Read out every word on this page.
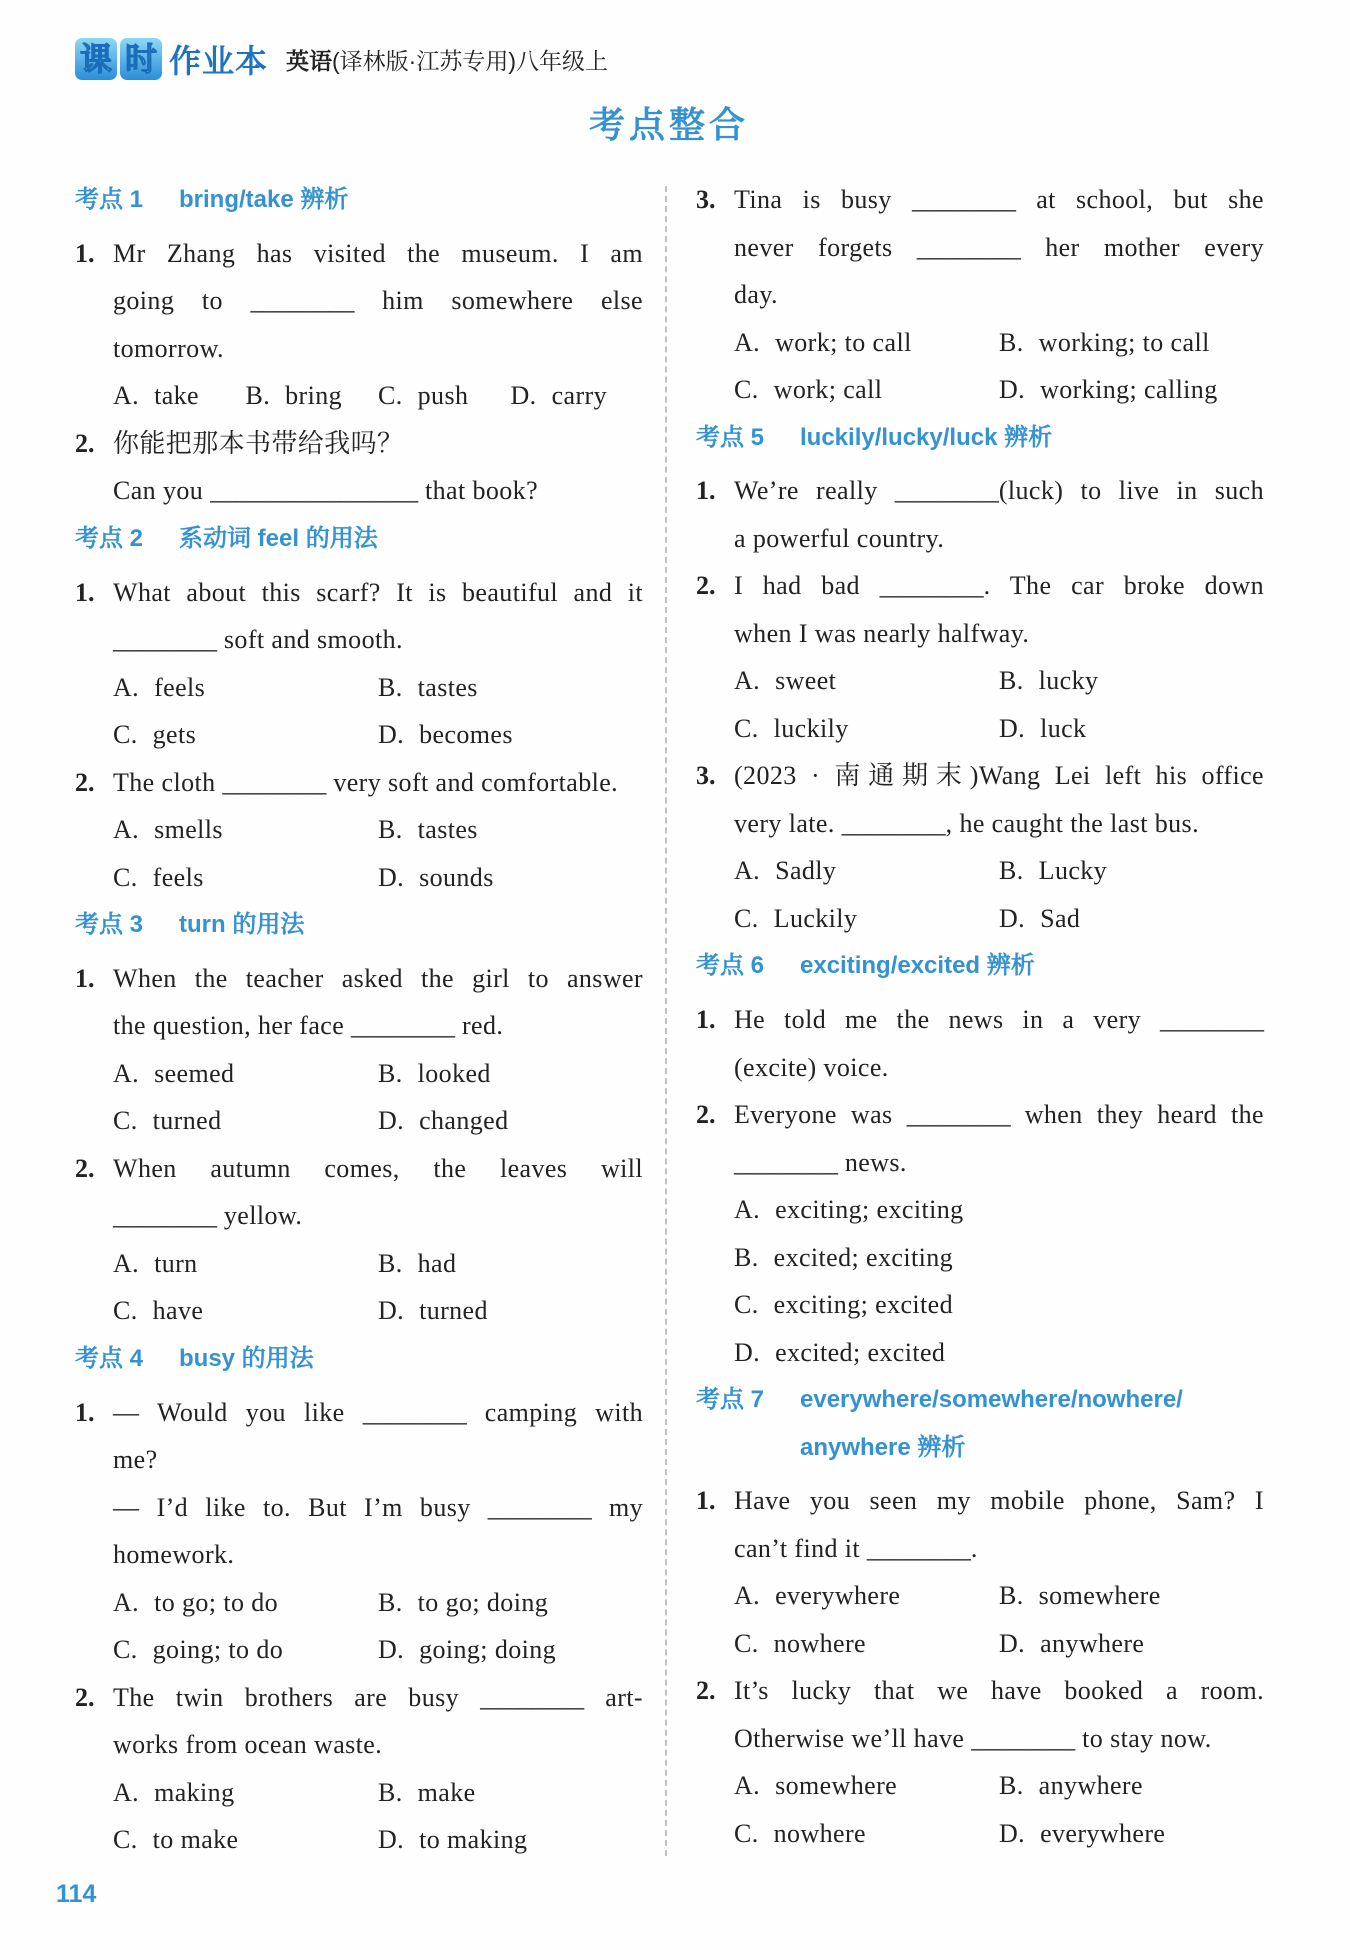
课 时 作业本 英语 (译林版·江苏专用)八年级上
考点整合
考点 1	bring/take 辨析
1. Mr Zhang has visited the museum. I am
going to ________ him somewhere else
tomorrow.
A. take	B. bring	C. push	D. carry
2. 你能把那本书带给我吗？
Can you ________________ that book?
考点 2	系动词 feel 的用法
1. What about this scarf? It is beautiful and it
________ soft and smooth.
A. feels	B. tastes
C. gets	D. becomes
2. The cloth ________ very soft and comfortable.
A. smells	B. tastes
C. feels	D. sounds
考点 3	turn 的用法
1. When the teacher asked the girl to answer
the question, her face ________ red.
A. seemed	B. looked
C. turned	D. changed
2. When autumn comes, the leaves will
________ yellow.
A. turn	B. had
C. have	D. turned
考点 4	busy 的用法
1. — Would you like ________ camping with
me?
— I’d like to. But I’m busy ________ my
homework.
A. to go; to do	B. to go; doing
C. going; to do	D. going; doing
2. The twin brothers are busy ________ art-
works from ocean waste.
A. making	B. make
C. to make	D. to making
3. Tina is busy ________ at school, but she
never forgets ________ her mother every
day.
A. work; to call	B. working; to call
C. work; call	D. working; calling
考点 5	luckily/lucky/luck 辨析
1. We’re really ________(luck) to live in such
a powerful country.
2. I had bad ________. The car broke down
when I was nearly halfway.
A. sweet	B. lucky
C. luckily	D. luck
3. (2023 · 南通期末)Wang Lei left his office
very late. ________, he caught the last bus.
A. Sadly	B. Lucky
C. Luckily	D. Sad
考点 6	exciting/excited 辨析
1. He told me the news in a very ________
(excite) voice.
2. Everyone was ________ when they heard the
________ news.
A. exciting; exciting
B. excited; exciting
C. exciting; excited
D. excited; excited
考点 7	everywhere/somewhere/nowhere/
anywhere 辨析
1. Have you seen my mobile phone, Sam? I
can’t find it ________.
A. everywhere	B. somewhere
C. nowhere	D. anywhere
2. It’s lucky that we have booked a room.
Otherwise we’ll have ________ to stay now.
A. somewhere	B. anywhere
C. nowhere	D. everywhere
114
